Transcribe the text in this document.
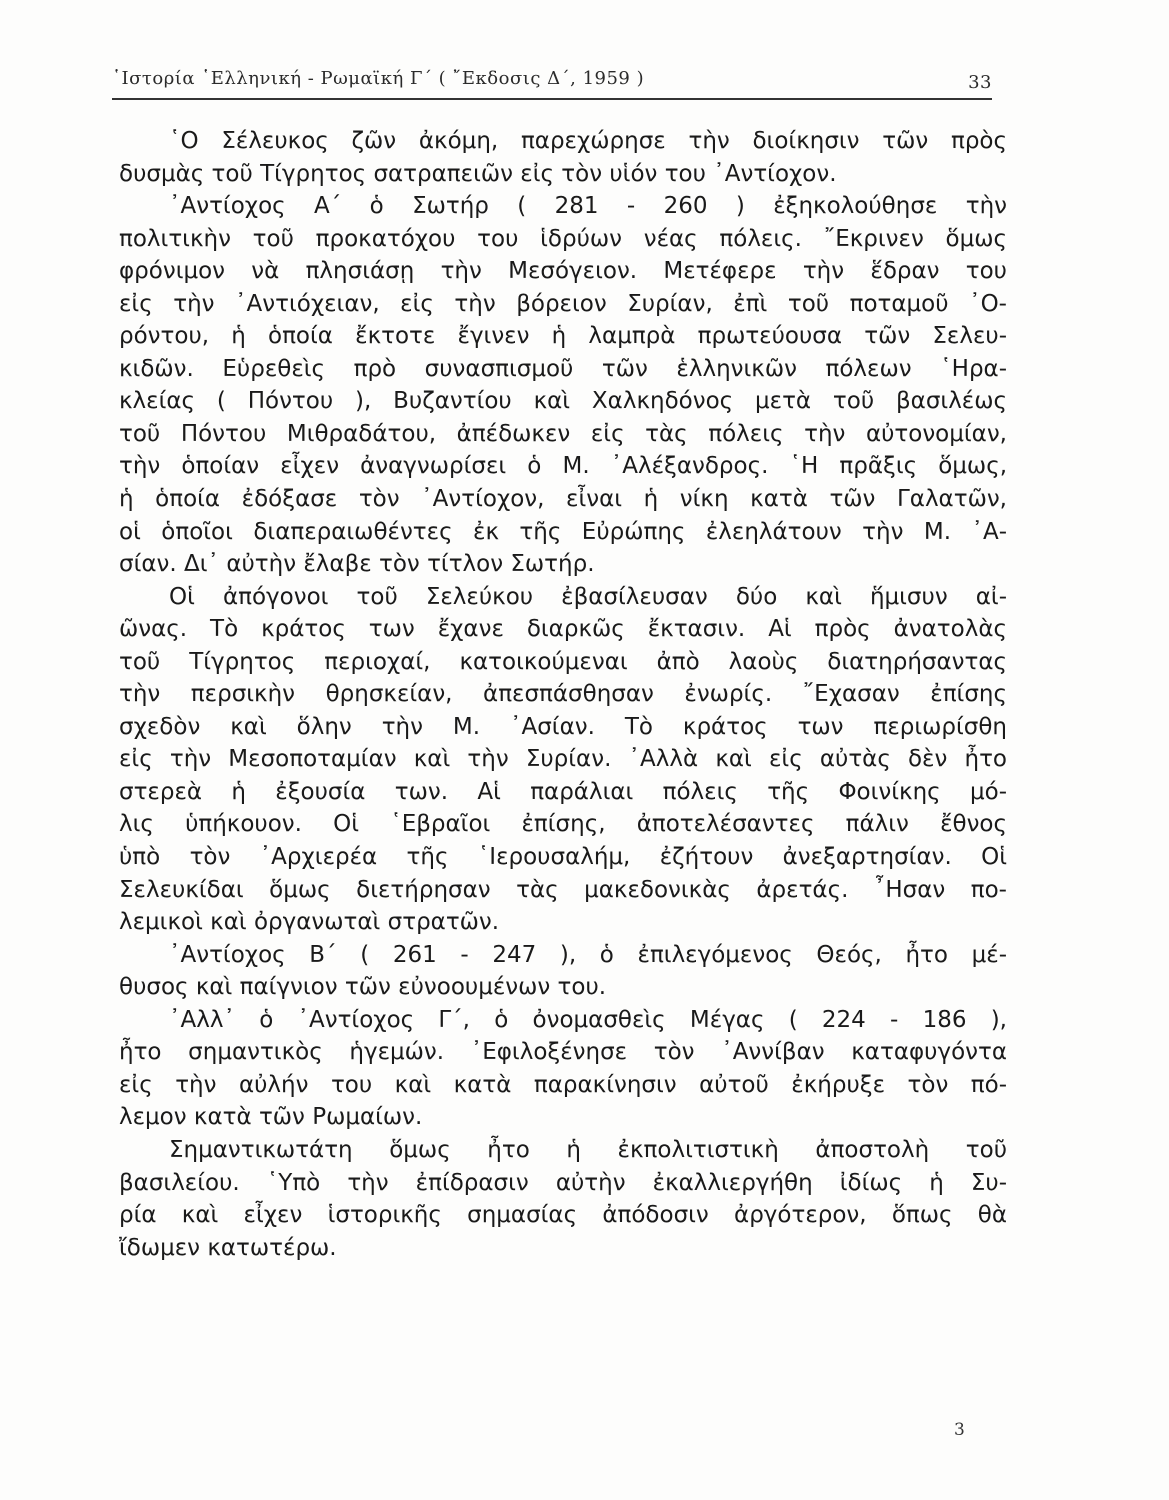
῾Ιστορία ῾Ελληνική - Ρωμαϊκή Γ΄ ( ῎Εκδοσις Δ΄, 1959 )	33
῾Ο Σέλευκος ζῶν ἀκόμη, παρεχώρησε τὴν διοίκησιν τῶν πρὸς
δυσμὰς τοῦ Τίγρητος σατραπειῶν εἰς τὸν υἱόν του ᾿Αντίοχον.
᾿Αντίοχος Α΄ ὁ Σωτήρ ( 281 - 260 ) ἐξηκολούθησε τὴν
πολιτικὴν τοῦ προκατόχου του ἱδρύων νέας πόλεις. ῎Εκρινεν ὅμως
φρόνιμον νὰ πλησιάσῃ τὴν Μεσόγειον. Μετέφερε τὴν ἕδραν του
εἰς τὴν ᾿Αντιόχειαν, εἰς τὴν βόρειον Συρίαν, ἐπὶ τοῦ ποταμοῦ ᾿Ο-
ρόντου, ἡ ὁποία ἔκτοτε ἔγινεν ἡ λαμπρὰ πρωτεύουσα τῶν Σελευ-
κιδῶν. Εὑρεθεὶς πρὸ συνασπισμοῦ τῶν ἑλληνικῶν πόλεων ῾Ηρα-
κλείας ( Πόντου ), Βυζαντίου καὶ Χαλκηδόνος μετὰ τοῦ βασιλέως
τοῦ Πόντου Μιθραδάτου, ἀπέδωκεν εἰς τὰς πόλεις τὴν αὐτονομίαν,
τὴν ὁποίαν εἶχεν ἀναγνωρίσει ὁ Μ. ᾿Αλέξανδρος. ῾Η πρᾶξις ὅμως,
ἡ ὁποία ἐδόξασε τὸν ᾿Αντίοχον, εἶναι ἡ νίκη κατὰ τῶν Γαλατῶν,
οἱ ὁποῖοι διαπεραιωθέντες ἐκ τῆς Εὐρώπης ἐλεηλάτουν τὴν Μ. ᾿Α-
σίαν. Δι᾿ αὐτὴν ἔλαβε τὸν τίτλον Σωτήρ.
Οἱ ἀπόγονοι τοῦ Σελεύκου ἐβασίλευσαν δύο καὶ ἥμισυν αἰ-
ῶνας. Τὸ κράτος των ἔχανε διαρκῶς ἔκτασιν. Αἱ πρὸς ἀνατολὰς
τοῦ Τίγρητος περιοχαί, κατοικούμεναι ἀπὸ λαοὺς διατηρήσαντας
τὴν περσικὴν θρησκείαν, ἀπεσπάσθησαν ἐνωρίς. ῎Εχασαν ἐπίσης
σχεδὸν καὶ ὅλην τὴν Μ. ᾿Ασίαν. Τὸ κράτος των περιωρίσθη
εἰς τὴν Μεσοποταμίαν καὶ τὴν Συρίαν. ᾿Αλλὰ καὶ εἰς αὐτὰς δὲν ἦτο
στερεὰ ἡ ἐξουσία των. Αἱ παράλιαι πόλεις τῆς Φοινίκης μό-
λις ὑπήκουον. Οἱ ῾Εβραῖοι ἐπίσης, ἀποτελέσαντες πάλιν ἔθνος
ὑπὸ τὸν ᾿Αρχιερέα τῆς ῾Ιερουσαλήμ, ἐζήτουν ἀνεξαρτησίαν. Οἱ
Σελευκίδαι ὅμως διετήρησαν τὰς μακεδονικὰς ἀρετάς. ῏Ησαν πο-
λεμικοὶ καὶ ὀργανωταὶ στρατῶν.
᾿Αντίοχος Β΄ ( 261 - 247 ), ὁ ἐπιλεγόμενος Θεός, ἦτο μέ-
θυσος καὶ παίγνιον τῶν εὐνοουμένων του.
᾿Αλλ᾿ ὁ ᾿Αντίοχος Γ΄, ὁ ὀνομασθεὶς Μέγας ( 224 - 186 ),
ἦτο σημαντικὸς ἡγεμών. ᾿Εφιλοξένησε τὸν ᾿Αννίβαν καταφυγόντα
εἰς τὴν αὐλήν του καὶ κατὰ παρακίνησιν αὐτοῦ ἐκήρυξε τὸν πό-
λεμον κατὰ τῶν Ρωμαίων.
Σημαντικωτάτη ὅμως ἦτο ἡ ἐκπολιτιστικὴ ἀποστολὴ τοῦ
βασιλείου. ῾Υπὸ τὴν ἐπίδρασιν αὐτὴν ἐκαλλιεργήθη ἰδίως ἡ Συ-
ρία καὶ εἶχεν ἱστορικῆς σημασίας ἀπόδοσιν ἀργότερον, ὅπως θὰ
ἴδωμεν κατωτέρω.
3
